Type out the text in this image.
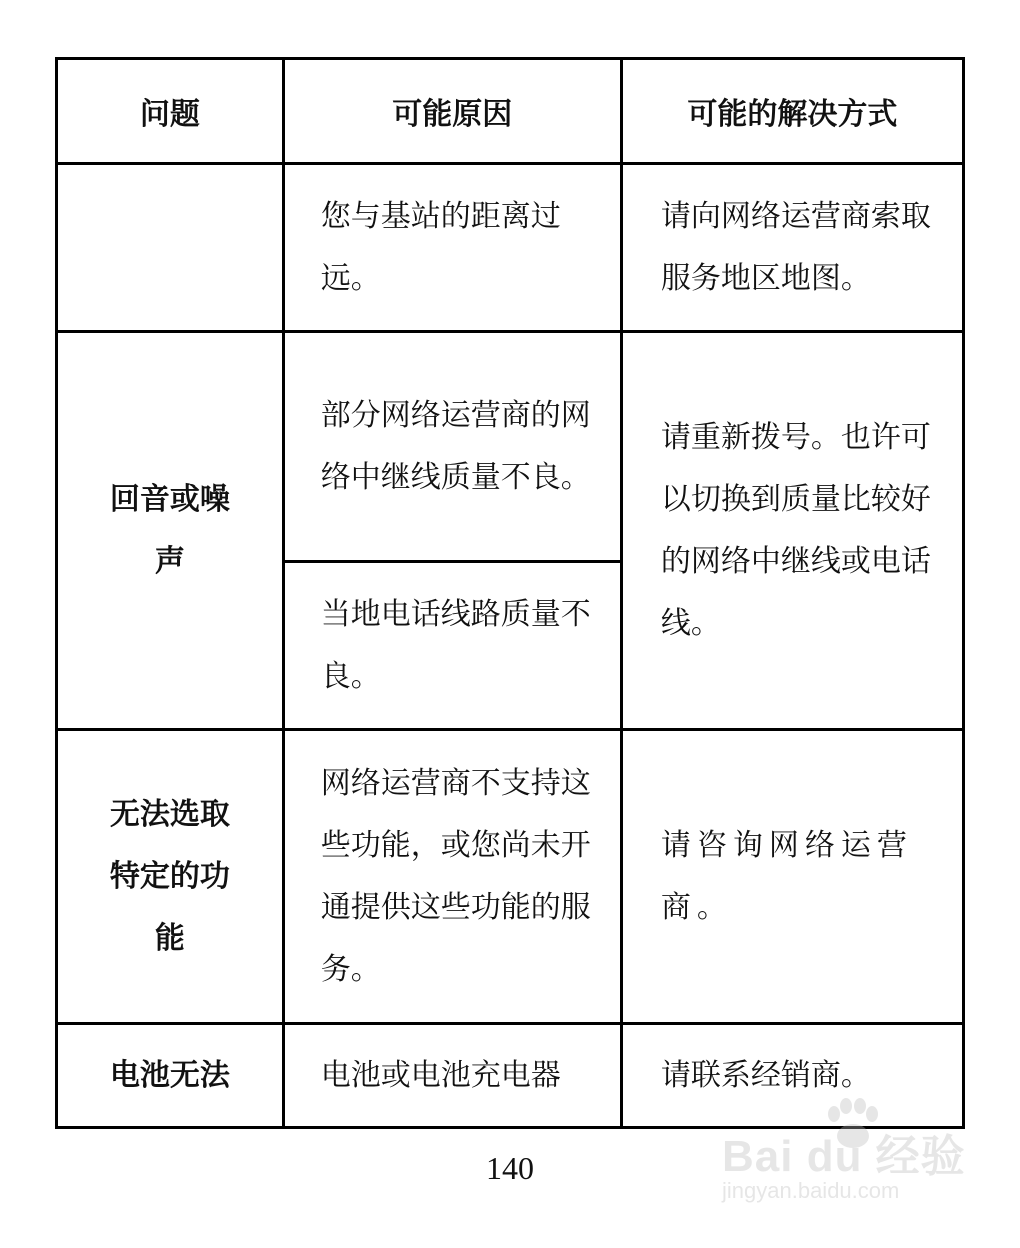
问题	可能原因	可能的解决方式

	您与基站的距离过远。	请向网络运营商索取服务地区地图。

回音或噪声	部分网络运营商的网络中继线质量不良。	请重新拨号。也许可以切换到质量比较好的网络中继线或电话线。

	当地电话线路质量不良。	

无法选取特定的功能	网络运营商不支持这些功能，或您尚未开通提供这些功能的服务。	请咨询网络运营商。

电池无法	电池或电池充电器	请联系经销商。
140	Bai du 经验
jingyan.baidu.com
